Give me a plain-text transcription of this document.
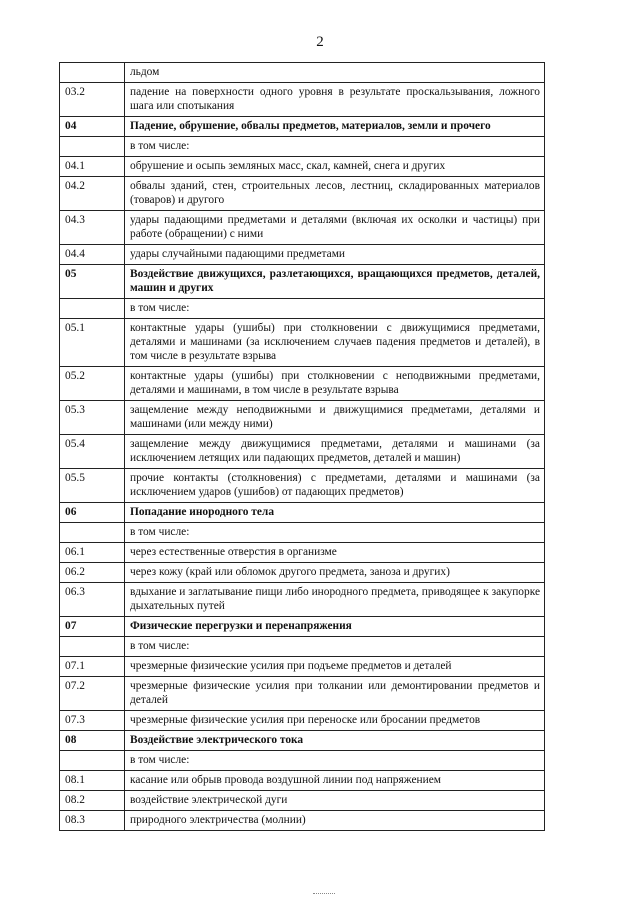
2
	льдом
03.2	падение на поверхности одного уровня в результате проскальзывания, ложного шага или спотыкания
04	Падение, обрушение, обвалы предметов, материалов, земли и прочего
	в том числе:
04.1	обрушение и осыпь земляных масс, скал, камней, снега и других
04.2	обвалы зданий, стен, строительных лесов, лестниц, складированных материалов (товаров) и другого
04.3	удары падающими предметами и деталями (включая их осколки и частицы) при работе (обращении) с ними
04.4	удары случайными падающими предметами
05	Воздействие движущихся, разлетающихся, вращающихся предметов, деталей, машин и других
	в том числе:
05.1	контактные удары (ушибы) при столкновении с движущимися предметами, деталями и машинами (за исключением случаев падения предметов и деталей), в том числе в результате взрыва
05.2	контактные удары (ушибы) при столкновении с неподвижными предметами, деталями и машинами, в том числе в результате взрыва
05.3	защемление между неподвижными и движущимися предметами, деталями и машинами (или между ними)
05.4	защемление между движущимися предметами, деталями и машинами (за исключением летящих или падающих предметов, деталей и машин)
05.5	прочие контакты (столкновения) с предметами, деталями и машинами (за исключением ударов (ушибов) от падающих предметов)
06	Попадание инородного тела
	в том числе:
06.1	через естественные отверстия в организме
06.2	через кожу (край или обломок другого предмета, заноза и других)
06.3	вдыхание и заглатывание пищи либо инородного предмета, приводящее к закупорке дыхательных путей
07	Физические перегрузки и перенапряжения
	в том числе:
07.1	чрезмерные физические усилия при подъеме предметов и деталей
07.2	чрезмерные физические усилия при толкании или демонтировании предметов и деталей
07.3	чрезмерные физические усилия при переноске или бросании предметов
08	Воздействие электрического тока
	в том числе:
08.1	касание или обрыв провода воздушной линии под напряжением
08.2	воздействие электрической дуги
08.3	природного электричества (молнии)
